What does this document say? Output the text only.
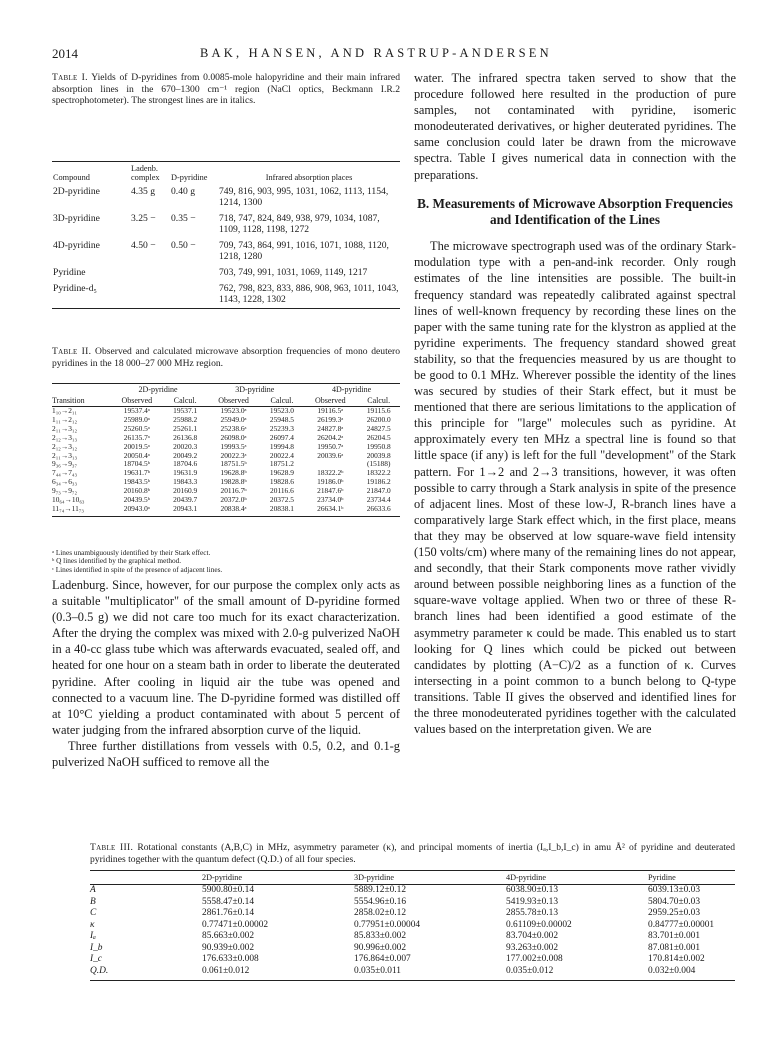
2014	BAK, HANSEN, AND RASTRUP-ANDERSEN
Table I. Yields of D-pyridines from 0.0085-mole halopyridine and their main infrared absorption lines in the 670–1300 cm⁻¹ region (NaCl optics, Beckmann I.R.2 spectrophotometer). The strongest lines are in italics.
Compound	Ladenb. complex	D-pyridine	Infrared absorption places
2D-pyridine	4.35 g	0.40 g	749, 816, 903, 995, 1031, 1062, 1113, 1154, 1214, 1300
3D-pyridine	3.25 −	0.35 −	718, 747, 824, 849, 938, 979, 1034, 1087, 1109, 1128, 1198, 1272
4D-pyridine	4.50 −	0.50 −	709, 743, 864, 991, 1016, 1071, 1088, 1120, 1218, 1280
Pyridine			703, 749, 991, 1031, 1069, 1149, 1217
Pyridine-d₅			762, 798, 823, 833, 886, 908, 963, 1011, 1043, 1143, 1228, 1302
Table II. Observed and calculated microwave absorption frequencies of mono deutero pyridines in the 18 000–27 000 MHz region.
	2D-pyridine		3D-pyridine		4D-pyridine	
Transition	Observed	Calcul.	Observed	Calcul.	Observed	Calcul.
1₁₀→2₁₁	19537.4ᵃ	19537.1	19523.0ᵃ	19523.0	19116.5ᵃ	19115.6
1₁₁→2₁₂	25989.0ᵃ	25988.2	25949.0ᵃ	25948.5	26199.3ᵃ	26200.0
2₁₁→3₁₂	25260.5ᵃ	25261.1	25238.6ᵃ	25239.3	24827.8ᵃ	24827.5
2₁₂→3₁₃	26135.7ᵃ	26136.8	26098.0ᵃ	26097.4	26204.2ᵃ	26204.5
2₁₂→3₁₂	20019.5ᵃ	20020.3	19993.5ᵃ	19994.8	19950.7ᵃ	19950.8
2₁₁→3₁₃	20050.4ᵃ	20049.2	20022.3ᵃ	20022.4	20039.6ᵃ	20039.8
9₃₆→9₃₇	18704.5ᵇ	18704.6	18751.5ᵇ	18751.2		(15188)
7₄₄→7₄₃	19631.7ᵇ	19631.9	19628.8ᵇ	19628.9	18322.2ᵇ	18322.2
6₃₄→6₃₃	19843.5ᵇ	19843.3	19828.8ᵇ	19828.6	19186.0ᵇ	19186.2
9₇₃→9₇₂	20160.8ᵇ	20160.9	20116.7ᵇ	20116.6	21847.6ᵇ	21847.0
10₆₄→10₆₃	20439.5ᵇ	20439.7	20372.0ᵇ	20372.5	23734.0ᵇ	23734.4
11₇₄→11₇₃	20943.0ᵃ	20943.1	20838.4ᵃ	20838.1	26634.1ᵇ	26633.6
ᵃ Lines unambiguously identified by their Stark effect.
ᵇ Q lines identified by the graphical method.
ᶜ Lines identified in spite of the presence of adjacent lines.

Ladenburg. Since, however, for our purpose the complex only acts as a suitable "multiplicator" of the small amount of D-pyridine formed (0.3–0.5 g) we did not care too much for its exact characterization. After the drying the complex was mixed with 2.0-g pulverized NaOH in a 40-cc glass tube which was afterwards evacuated, sealed off, and heated for one hour on a steam bath in order to liberate the deuterated pyridine. After cooling in liquid air the tube was opened and connected to a vacuum line. The D-pyridine formed was distilled off at 10°C yielding a product contaminated with about 5 percent of water judging from the infrared absorption curve of the liquid.

Three further distillations from vessels with 0.5, 0.2, and 0.1-g pulverized NaOH sufficed to remove all the

water. The infrared spectra taken served to show that the procedure followed here resulted in the production of pure samples, not contaminated with pyridine, isomeric monodeuterated derivatives, or higher deuterated pyridines. The same conclusion could later be drawn from the microwave spectra. Table I gives numerical data in connection with the preparations.

B. Measurements of Microwave Absorption Frequencies and Identification of the Lines

The microwave spectrograph used was of the ordinary Stark-modulation type with a pen-and-ink recorder. Only rough estimates of the line intensities are possible. The built-in frequency standard was repeatedly calibrated against spectral lines of well-known frequency by recording these lines on the paper with the same tuning rate for the klystron as applied at the pyridine experiments. The frequency standard showed great stability, so that the frequencies measured by us are thought to be good to 0.1 MHz. Wherever possible the identity of the lines was secured by studies of their Stark effect, but it must be mentioned that there are serious limitations to the application of this principle for "large" molecules such as pyridine. At approximately every ten MHz a spectral line is found so that little space (if any) is left for the full "development" of the Stark pattern. For 1→2 and 2→3 transitions, however, it was often possible to carry through a Stark analysis in spite of the presence of adjacent lines. Most of these low-J, R-branch lines have a comparatively large Stark effect which, in the first place, means that they may be observed at low square-wave field intensity (150 volts/cm) where many of the remaining lines do not appear, and secondly, that their Stark components move rather vividly around between possible neighboring lines as a function of the square-wave voltage applied. When two or three of these R-branch lines had been identified a good estimate of the asymmetry parameter κ could be made. This enabled us to start looking for Q lines which could be picked out between candidates by plotting (A−C)/2 as a function of κ. Curves intersecting in a point common to a bunch belong to Q-type transitions. Table II gives the observed and identified lines for the three monodeuterated pyridines together with the calculated values based on the interpretation given. We are

Table III. Rotational constants (A,B,C) in MHz, asymmetry parameter (κ), and principal moments of inertia (Iₐ,I_b,I_c) in amu Å² of pyridine and deuterated pyridines together with the quantum defect (Q.D.) of all four species.
	2D-pyridine	3D-pyridine	4D-pyridine	Pyridine
A	5900.80±0.14	5889.12±0.12	6038.90±0.13	6039.13±0.03
B	5558.47±0.14	5554.96±0.16	5419.93±0.13	5804.70±0.03
C	2861.76±0.14	2858.02±0.12	2855.78±0.13	2959.25±0.03
κ	0.77471±0.00002	0.77951±0.00004	0.61109±0.00002	0.84777±0.00001
Iₐ	85.663±0.002	85.833±0.002	83.704±0.002	83.701±0.001
I_b	90.939±0.002	90.996±0.002	93.263±0.002	87.081±0.001
I_c	176.633±0.008	176.864±0.007	177.002±0.008	170.814±0.002
Q.D.	0.061±0.012	0.035±0.011	0.035±0.012	0.032±0.004
